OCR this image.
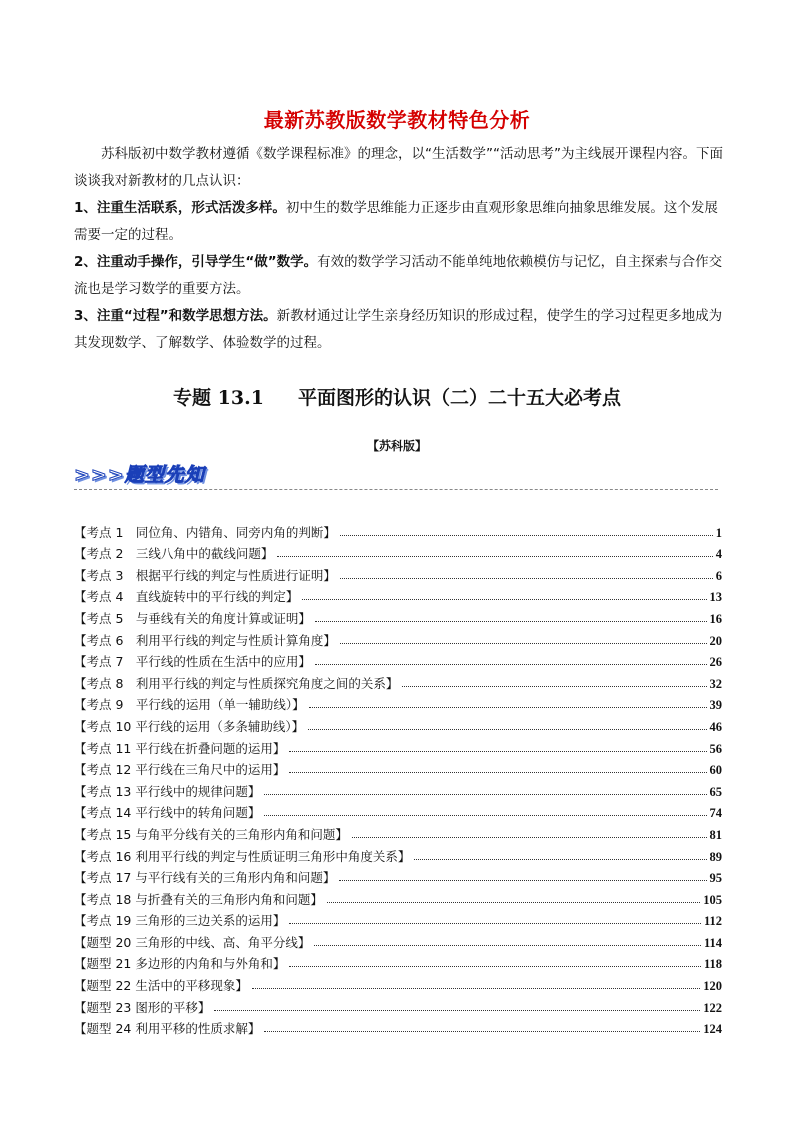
最新苏教版数学教材特色分析

苏科版初中数学教材遵循《数学课程标准》的理念，以“生活数学”“活动思考”为主线展开课程内容。下面谈谈我对新教材的几点认识：

1、注重生活联系，形式活泼多样。初中生的数学思维能力正逐步由直观形象思维向抽象思维发展。这个发展需要一定的过程。

2、注重动手操作，引导学生“做”数学。有效的数学学习活动不能单纯地依赖模仿与记忆，自主探索与合作交流也是学习数学的重要方法。

3、注重“过程”和数学思想方法。新教材通过让学生亲身经历知识的形成过程，使学生的学习过程更多地成为其发现数学、了解数学、体验数学的过程。

专题 13.1 平面图形的认识（二）二十五大必考点
【苏科版】
>>>题型先知
【考点 1　同位角、内错角、同旁内角的判断】	1
【考点 2　三线八角中的截线问题】	4
【考点 3　根据平行线的判定与性质进行证明】	6
【考点 4　直线旋转中的平行线的判定】	13
【考点 5　与垂线有关的角度计算或证明】	16
【考点 6　利用平行线的判定与性质计算角度】	20
【考点 7　平行线的性质在生活中的应用】	26
【考点 8　利用平行线的判定与性质探究角度之间的关系】	32
【考点 9　平行线的运用（单一辅助线）】	39
【考点 10 平行线的运用（多条辅助线）】	46
【考点 11 平行线在折叠问题的运用】	56
【考点 12 平行线在三角尺中的运用】	60
【考点 13 平行线中的规律问题】	65
【考点 14 平行线中的转角问题】	74
【考点 15 与角平分线有关的三角形内角和问题】	81
【考点 16 利用平行线的判定与性质证明三角形中角度关系】	89
【考点 17 与平行线有关的三角形内角和问题】	95
【考点 18 与折叠有关的三角形内角和问题】	105
【考点 19 三角形的三边关系的运用】	112
【题型 20 三角形的中线、高、角平分线】	114
【题型 21 多边形的内角和与外角和】	118
【题型 22 生活中的平移现象】	120
【题型 23 图形的平移】	122
【题型 24 利用平移的性质求解】	124
